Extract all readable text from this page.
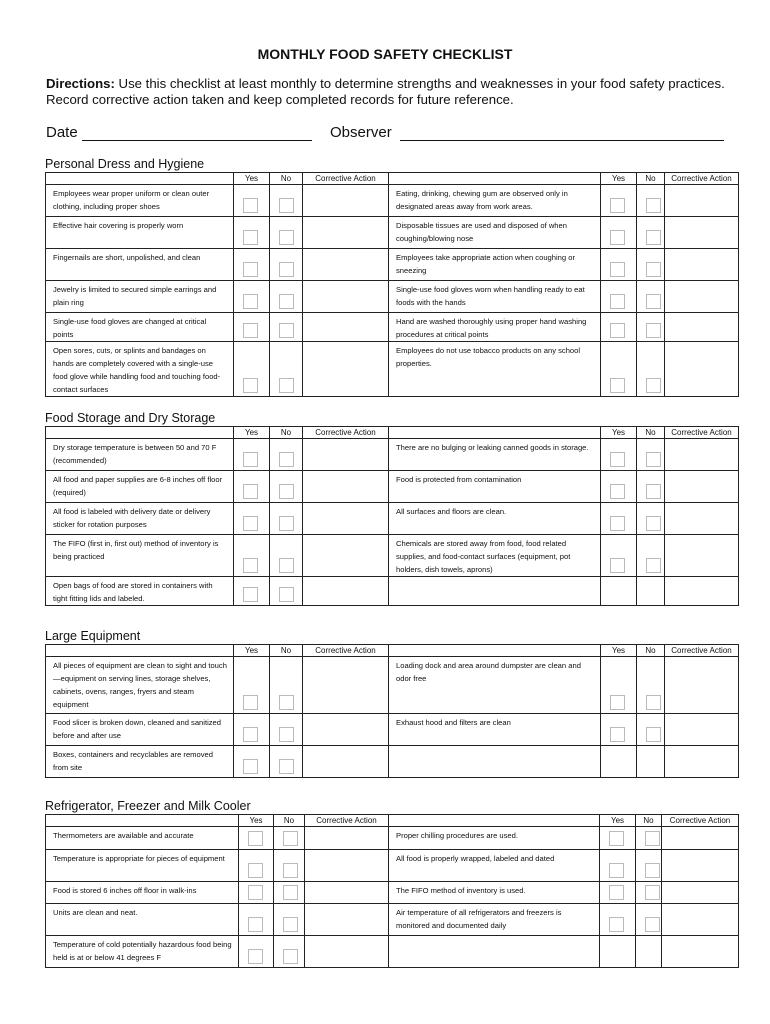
MONTHLY FOOD SAFETY CHECKLIST
Directions: Use this checklist at least monthly to determine strengths and weaknesses in your food safety practices. Record corrective action taken and keep completed records for future reference.
Date	Observer
Personal Dress and Hygiene
	Yes	No	Corrective Action		Yes	No	Corrective Action
Employees wear proper uniform or clean outer clothing, including proper shoes				Eating, drinking, chewing gum are observed only in designated areas away from work areas.	

Effective hair covering is properly worn				Disposable tissues are used and disposed of when coughing/blowing nose	

Fingernails are short, unpolished, and clean				Employees take appropriate action when coughing or sneezing	

Jewelry is limited to secured simple earrings and plain ring				Single-use food gloves worn when handling ready to eat foods with the hands	

Single-use food gloves are changed at critical points				Hand are washed thoroughly using proper hand washing procedures at critical points	

Open sores, cuts, or splints and bandages on hands are completely covered with a single-use food glove while handling food and touching food-contact surfaces				Employees do not use tobacco products on any school properties.	

Food Storage and Dry Storage
	Yes	No	Corrective Action		Yes	No	Corrective Action
Dry storage temperature is between 50 and 70 F (recommended)				There are no bulging or leaking canned goods in storage.	

All food and paper supplies are 6-8 inches off floor (required)				Food is protected from contamination	

All food is labeled with delivery date or delivery sticker for rotation purposes				All surfaces and floors are clean.	

The FIFO (first in, first out) method of inventory is being practiced				Chemicals are stored away from food, food related supplies, and food-contact surfaces (equipment, pot holders, dish towels, aprons)	

Open bags of food are stored in containers with tight fitting lids and labeled.	

Large Equipment
	Yes	No	Corrective Action		Yes	No	Corrective Action
All pieces of equipment are clean to sight and touch—equipment on serving lines, storage shelves, cabinets, ovens, ranges, fryers and steam equipment				Loading dock and area around dumpster are clean and odor free	

Food slicer is broken down, cleaned and sanitized before and after use				Exhaust hood and filters are clean	

Boxes, containers and recyclables are removed from site	

Refrigerator, Freezer and Milk Cooler
	Yes	No	Corrective Action		Yes	No	Corrective Action
Thermometers are available and accurate				Proper chilling procedures are used.	

Temperature is appropriate for pieces of equipment				All food is properly wrapped, labeled and dated	

Food is stored 6 inches off floor in walk-ins				The FIFO method of inventory is used.	

Units are clean and neat.				Air temperature of all refrigerators and freezers is monitored and documented daily	

Temperature of cold potentially hazardous food being held is at or below 41 degrees F	
